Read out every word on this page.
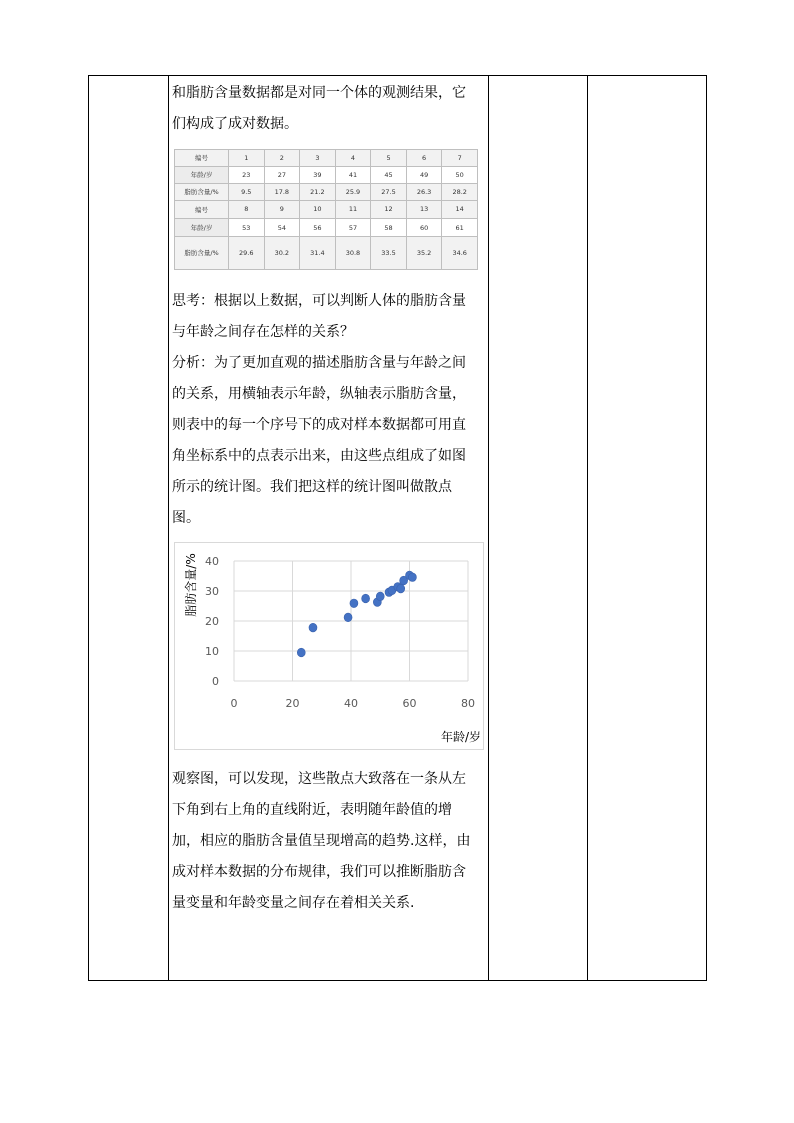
和脂肪含量数据都是对同一个体的观测结果，它
们构成了成对数据。

编号	1	2	3	4	5	6	7
年龄/岁	23	27	39	41	45	49	50
脂肪含量/%	9.5	17.8	21.2	25.9	27.5	26.3	28.2
编号	8	9	10	11	12	13	14
年龄/岁	53	54	56	57	58	60	61
脂肪含量/%	29.6	30.2	31.4	30.8	33.5	35.2	34.6

思考：根据以上数据，可以判断人体的脂肪含量
与年龄之间存在怎样的关系？
分析：为了更加直观的描述脂肪含量与年龄之间
的关系，用横轴表示年龄，纵轴表示脂肪含量，
则表中的每一个序号下的成对样本数据都可用直
角坐标系中的点表示出来，由这些点组成了如图
所示的统计图。我们把这样的统计图叫做散点
图。

0	20	40	60	80
0
10
20
30
40
脂肪含量/%
年龄/岁

观察图，可以发现，这些散点大致落在一条从左
下角到右上角的直线附近，表明随年龄值的增
加，相应的脂肪含量值呈现增高的趋势.这样，由
成对样本数据的分布规律，我们可以推断脂肪含
量变量和年龄变量之间存在着相关关系.
